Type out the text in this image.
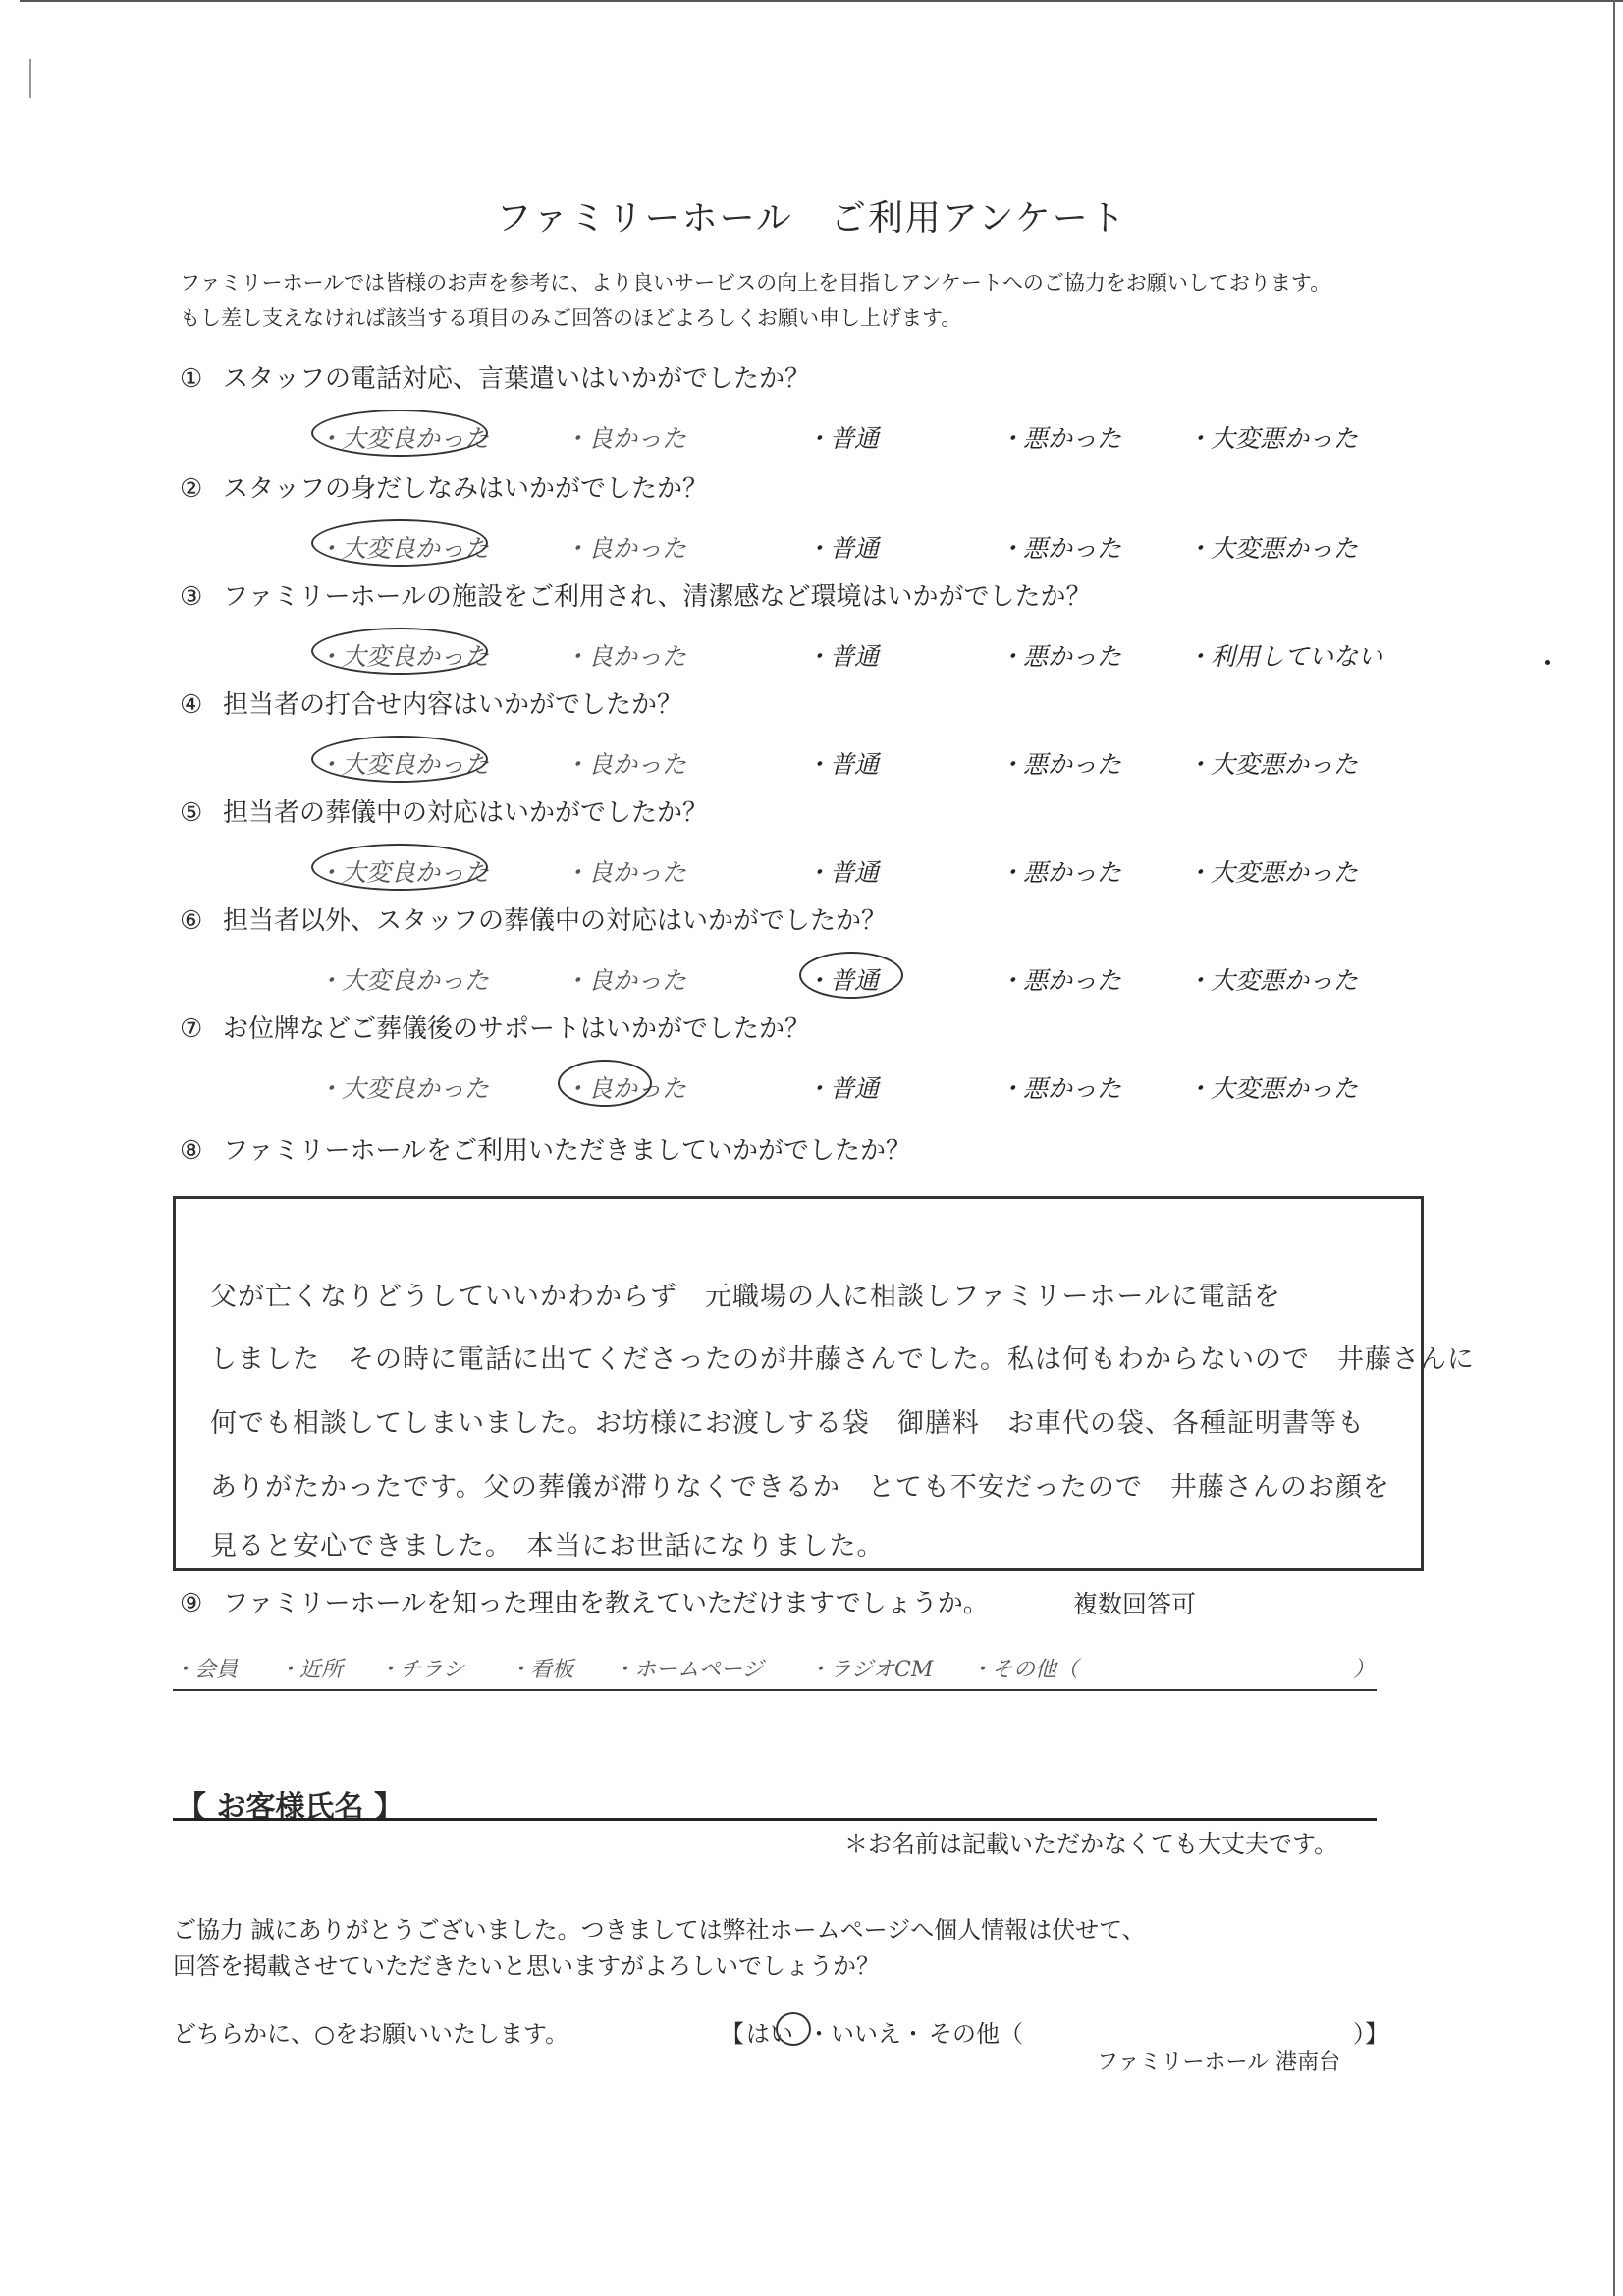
ファミリーホール　ご利用アンケート
ファミリーホールでは皆様のお声を参考に、より良いサービスの向上を目指しアンケートへのご協力をお願いしております。
もし差し支えなければ該当する項目のみご回答のほどよろしくお願い申し上げます。
① スタッフの電話対応、言葉遣いはいかがでしたか？
・大変良かった	・良かった	・普通	・悪かった	・大変悪かった
② スタッフの身だしなみはいかがでしたか？
・大変良かった	・良かった	・普通	・悪かった	・大変悪かった
③ ファミリーホールの施設をご利用され、清潔感など環境はいかがでしたか？
・大変良かった	・良かった	・普通	・悪かった	・利用していない
④ 担当者の打合せ内容はいかがでしたか？
・大変良かった	・良かった	・普通	・悪かった	・大変悪かった
⑤ 担当者の葬儀中の対応はいかがでしたか？
・大変良かった	・良かった	・普通	・悪かった	・大変悪かった
⑥ 担当者以外、スタッフの葬儀中の対応はいかがでしたか？
・大変良かった	・良かった	・普通	・悪かった	・大変悪かった
⑦ お位牌などご葬儀後のサポートはいかがでしたか？
・大変良かった	・良かった	・普通	・悪かった	・大変悪かった
⑧ ファミリーホールをご利用いただきましていかがでしたか？
父が亡くなりどうしていいかわからず　元職場の人に相談しファミリーホールに電話を
しました　その時に電話に出てくださったのが井藤さんでした。私は何もわからないので　井藤さんに
何でも相談してしまいました。お坊様にお渡しする袋　御膳料　お車代の袋、各種証明書等も
ありがたかったです。父の葬儀が滞りなくできるか　とても不安だったので　井藤さんのお顔を
見ると安心できました。　本当にお世話になりました。
⑨ ファミリーホールを知った理由を教えていただけますでしょうか。	複数回答可
・会員 ・近所 ・チラシ ・看板 ・ホームページ ・ラジオCM ・その他（	）
【 お客様氏名 】
＊お名前は記載いただかなくても大丈夫です。
ご協力 誠にありがとうございました。つきましては弊社ホームページへ個人情報は伏せて、
回答を掲載させていただきたいと思いますがよろしいでしょうか？
どちらかに、○をお願いいたします。	【 はい ・いいえ・ その他（	）】
ファミリーホール 港南台
